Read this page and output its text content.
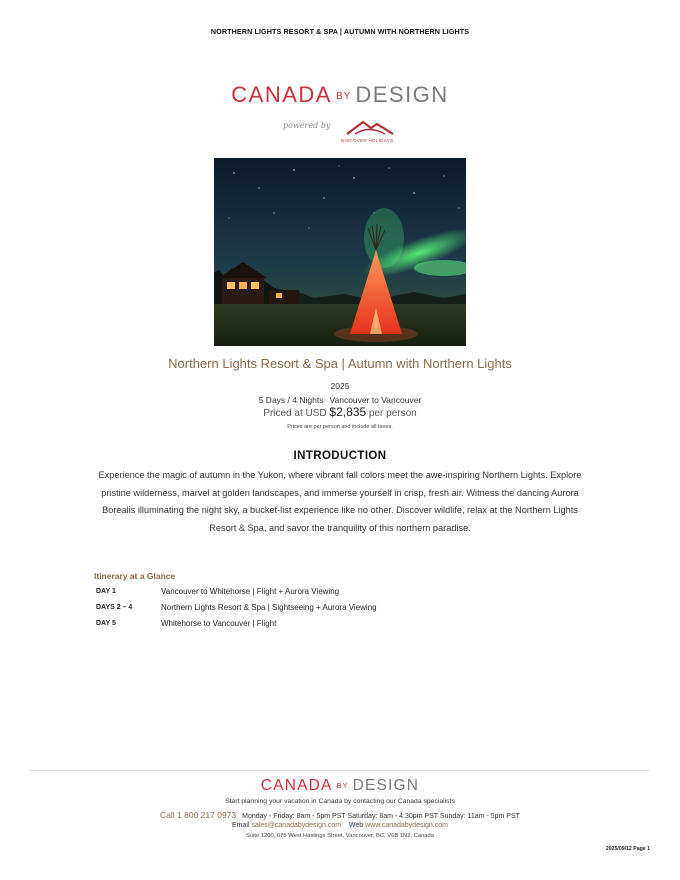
NORTHERN LIGHTS RESORT & SPA | AUTUMN WITH NORTHERN LIGHTS
CANADA BY DESIGN
powered by
DISCOVER HOLIDAYS
Northern Lights Resort & Spa | Autumn with Northern Lights
2025
5 Days / 4 Nights Vancouver to Vancouver
Priced at USD $2,835 per person
Prices are per person and include all taxes.
INTRODUCTION
Experience the magic of autumn in the Yukon, where vibrant fall colors meet the awe-inspiring Northern Lights. Explore pristine wilderness, marvel at golden landscapes, and immerse yourself in crisp, fresh air. Witness the dancing Aurora Borealis illuminating the night sky, a bucket-list experience like no other. Discover wildlife, relax at the Northern Lights Resort & Spa, and savor the tranquility of this northern paradise.
Itinerary at a Glance
DAY 1	Vancouver to Whitehorse | Flight + Aurora Viewing
DAYS 2 – 4	Northern Lights Resort & Spa | Sightseeing + Aurora Viewing
DAY 5	Whitehorse to Vancouver | Flight
CANADA BY DESIGN
Start planning your vacation in Canada by contacting our Canada specialists
Call 1 800 217 0973 Monday - Friday: 8am - 5pm PST Saturday: 8am - 4:30pm PST Sunday: 11am - 5pm PST
Email sales@canadabydesign.com Web www.canadabydesign.com
Suite 1200, 675 West Hastings Street, Vancouver, BC, V6B 1N2, Canada
2025/09/12 Page 1
